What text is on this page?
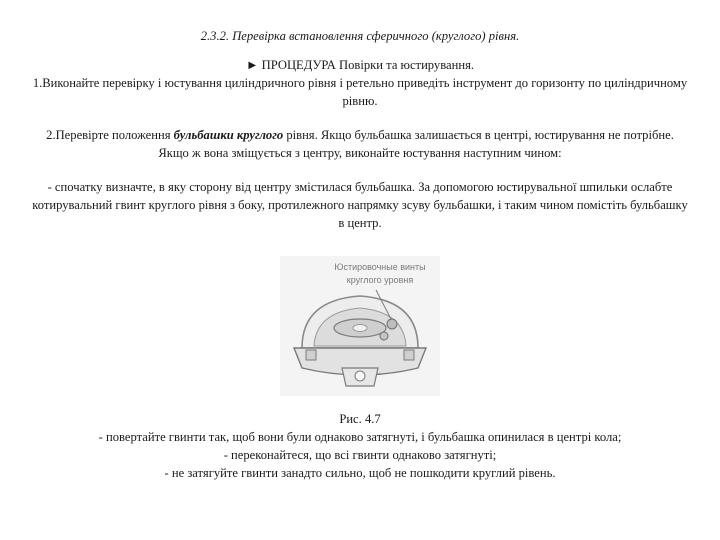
2.3.2. Перевірка встановлення сферичного (круглого) рівня.

► ПРОЦЕДУРА Повірки та юстирування.

1.Виконайте перевірку і юстування циліндричного рівня і ретельно приведіть інструмент до горизонту по циліндричному рівню.

2.Перевірте положення бульбашки круглого рівня. Якщо бульбашка залишається в центрі, юстирування не потрібне. Якщо ж вона зміщується з центру, виконайте юстування наступним чином:

- спочатку визначте, в яку сторону від центру змістилася бульбашка. За допомогою юстирувальної шпильки ослабте котирувальний гвинт круглого рівня з боку, протилежного напрямку зсуву бульбашки, і таким чином помістіть бульбашку в центр.

Юстировочные винты
круглого уровня

Рис. 4.7

- повертайте гвинти так, щоб вони були однаково затягнуті, і бульбашка опинилася в центрі кола;

- переконайтеся, що всі гвинти однаково затягнуті;

- не затягуйте гвинти занадто сильно, щоб не пошкодити круглий рівень.
